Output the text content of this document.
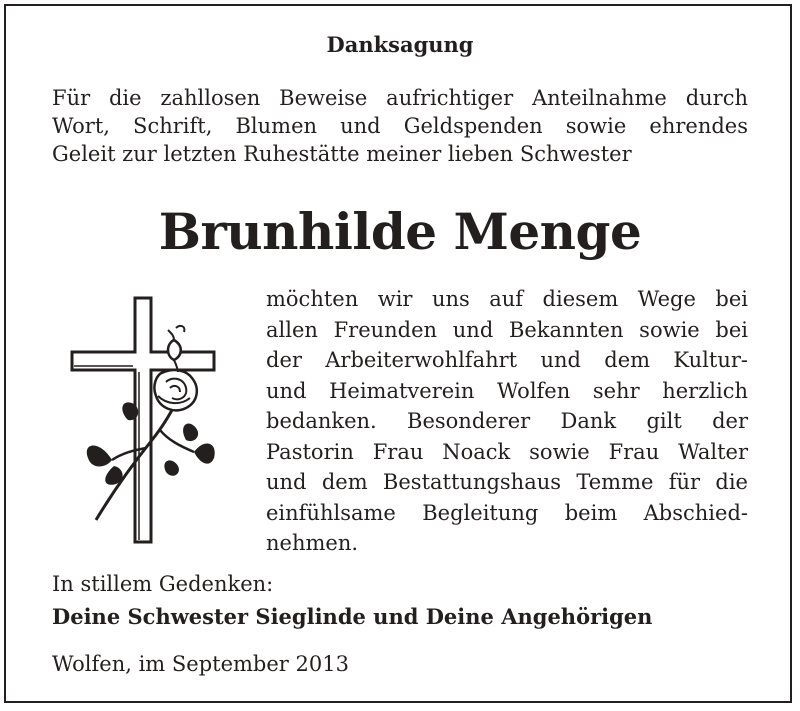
Danksagung
Für die zahllosen Beweise aufrichtiger Anteilnahme durch
Wort, Schrift, Blumen und Geldspenden sowie ehrendes
Geleit zur letzten Ruhestätte meiner lieben Schwester
Brunhilde Menge
möchten wir uns auf diesem Wege bei
allen Freunden und Bekannten sowie bei
der Arbeiterwohlfahrt und dem Kultur-
und Heimatverein Wolfen sehr herzlich
bedanken. Besonderer Dank gilt der
Pastorin Frau Noack sowie Frau Walter
und dem Bestattungshaus Temme für die
einfühlsame Begleitung beim Abschied-
nehmen.
In stillem Gedenken:
Deine Schwester Sieglinde und Deine Angehörigen
Wolfen, im September 2013
